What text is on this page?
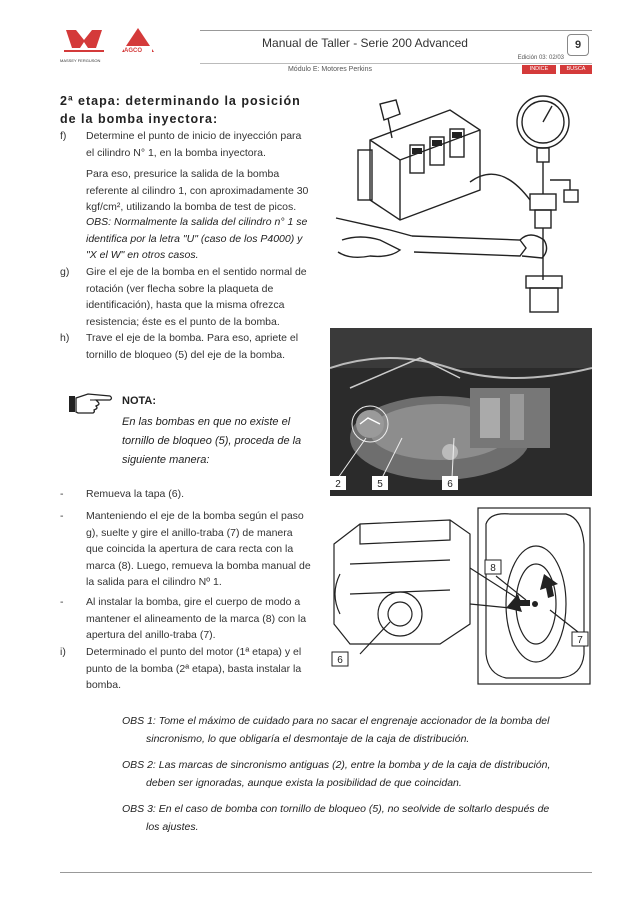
MASSEY FERGUSON
AGCO
Manual de Taller - Serie 200 Advanced	9
Edición 03: 02/03
Módulo E: Motores Perkins	INDICE	BUSCA
2ª etapa: determinando la posición de la bomba inyectora:
f)	Determine el punto de inicio de inyección para el cilindro N° 1, en la bomba inyectora.
Para eso, presurice la salida de la bomba referente al cilindro 1, con aproximadamente 30 kgf/cm², utilizando la bomba de test de picos.
OBS: Normalmente la salida del cilindro n° 1 se identifica por la letra "U" (caso de los P4000) y "X el W" en otros casos.
g)	Gire el eje de la bomba en el sentido normal de rotación (ver flecha sobre la plaqueta de identificación), hasta que la misma ofrezca resistencia; éste es el punto de la bomba.
h)	Trave el eje de la bomba. Para eso, apriete el tornillo de bloqueo (5) del eje de la bomba.
NOTA:
En las bombas en que no existe el tornillo de bloqueo (5), proceda de la siguiente manera:
-	Remueva la tapa (6).
-	Manteniendo el eje de la bomba según el paso g), suelte y gire el anillo-traba (7) de manera que coincida la apertura de cara recta con la marca (8). Luego, remueva la bomba manual de la salida para el cilindro Nº 1.
-	Al instalar la bomba, gire el cuerpo de modo a mantener el alineamento de la marca (8) con la apertura del anillo-traba (7).
i)	Determinado el punto del motor (1ª etapa) y el punto de la bomba (2ª etapa), basta instalar la bomba.
2	5	6
8
6
7
OBS 1: Tome el máximo de cuidado para no sacar el engrenaje accionador de la bomba del sincronismo, lo que obligaría el desmontaje de la caja de distribución.
OBS 2: Las marcas de sincronismo antiguas (2), entre la bomba y de la caja de distribución, deben ser ignoradas, aunque exista la posibilidad de que coincidan.
OBS 3: En el caso de bomba con tornillo de bloqueo (5), no seolvide de soltarlo después de los ajustes.
